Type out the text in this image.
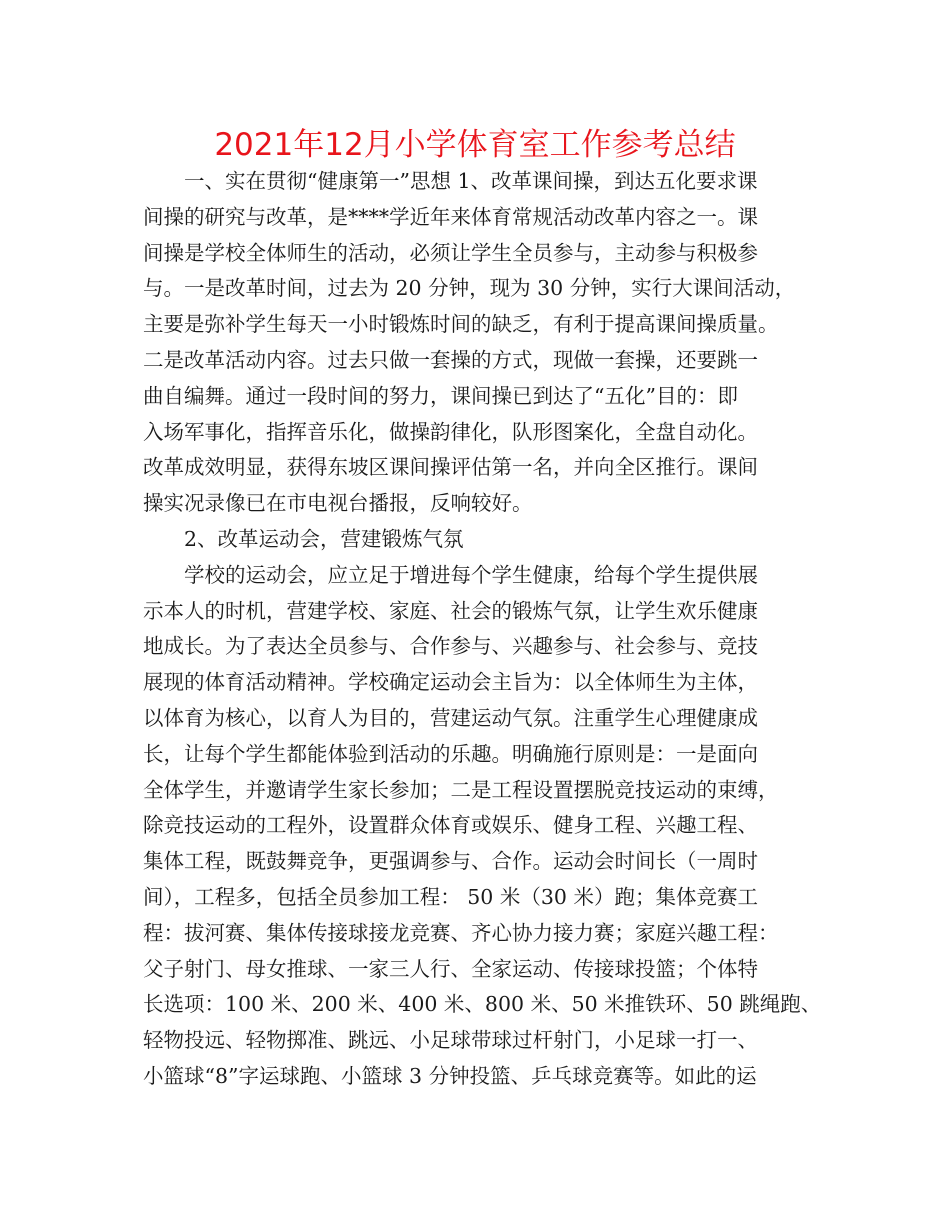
2021年12月小学体育室工作参考总结
一、实在贯彻“健康第一”思想 1、改革课间操，到达五化要求课
间操的研究与改革，是****学近年来体育常规活动改革内容之一。课
间操是学校全体师生的活动，必须让学生全员参与，主动参与积极参
与。一是改革时间，过去为 20 分钟，现为 30 分钟，实行大课间活动，
主要是弥补学生每天一小时锻炼时间的缺乏，有利于提高课间操质量。
二是改革活动内容。过去只做一套操的方式，现做一套操，还要跳一
曲自编舞。通过一段时间的努力，课间操已到达了“五化”目的：即
入场军事化，指挥音乐化，做操韵律化，队形图案化，全盘自动化。
改革成效明显，获得东坡区课间操评估第一名，并向全区推行。课间
操实况录像已在市电视台播报，反响较好。
2、改革运动会，营建锻炼气氛
学校的运动会，应立足于增进每个学生健康，给每个学生提供展
示本人的时机，营建学校、家庭、社会的锻炼气氛，让学生欢乐健康
地成长。为了表达全员参与、合作参与、兴趣参与、社会参与、竞技
展现的体育活动精神。学校确定运动会主旨为：以全体师生为主体，
以体育为核心，以育人为目的，营建运动气氛。注重学生心理健康成
长，让每个学生都能体验到活动的乐趣。明确施行原则是：一是面向
全体学生，并邀请学生家长参加；二是工程设置摆脱竞技运动的束缚，
除竞技运动的工程外，设置群众体育或娱乐、健身工程、兴趣工程、
集体工程，既鼓舞竞争，更强调参与、合作。运动会时间长（一周时
间），工程多，包括全员参加工程： 50 米（30 米）跑；集体竞赛工
程：拔河赛、集体传接球接龙竞赛、齐心协力接力赛；家庭兴趣工程：
父子射门、母女推球、一家三人行、全家运动、传接球投篮；个体特
长选项：100 米、200 米、400 米、800 米、50 米推铁环、50 跳绳跑、
轻物投远、轻物掷准、跳远、小足球带球过杆射门，小足球一打一、
小篮球“8”字运球跑、小篮球 3 分钟投篮、乒乓球竞赛等。如此的运
